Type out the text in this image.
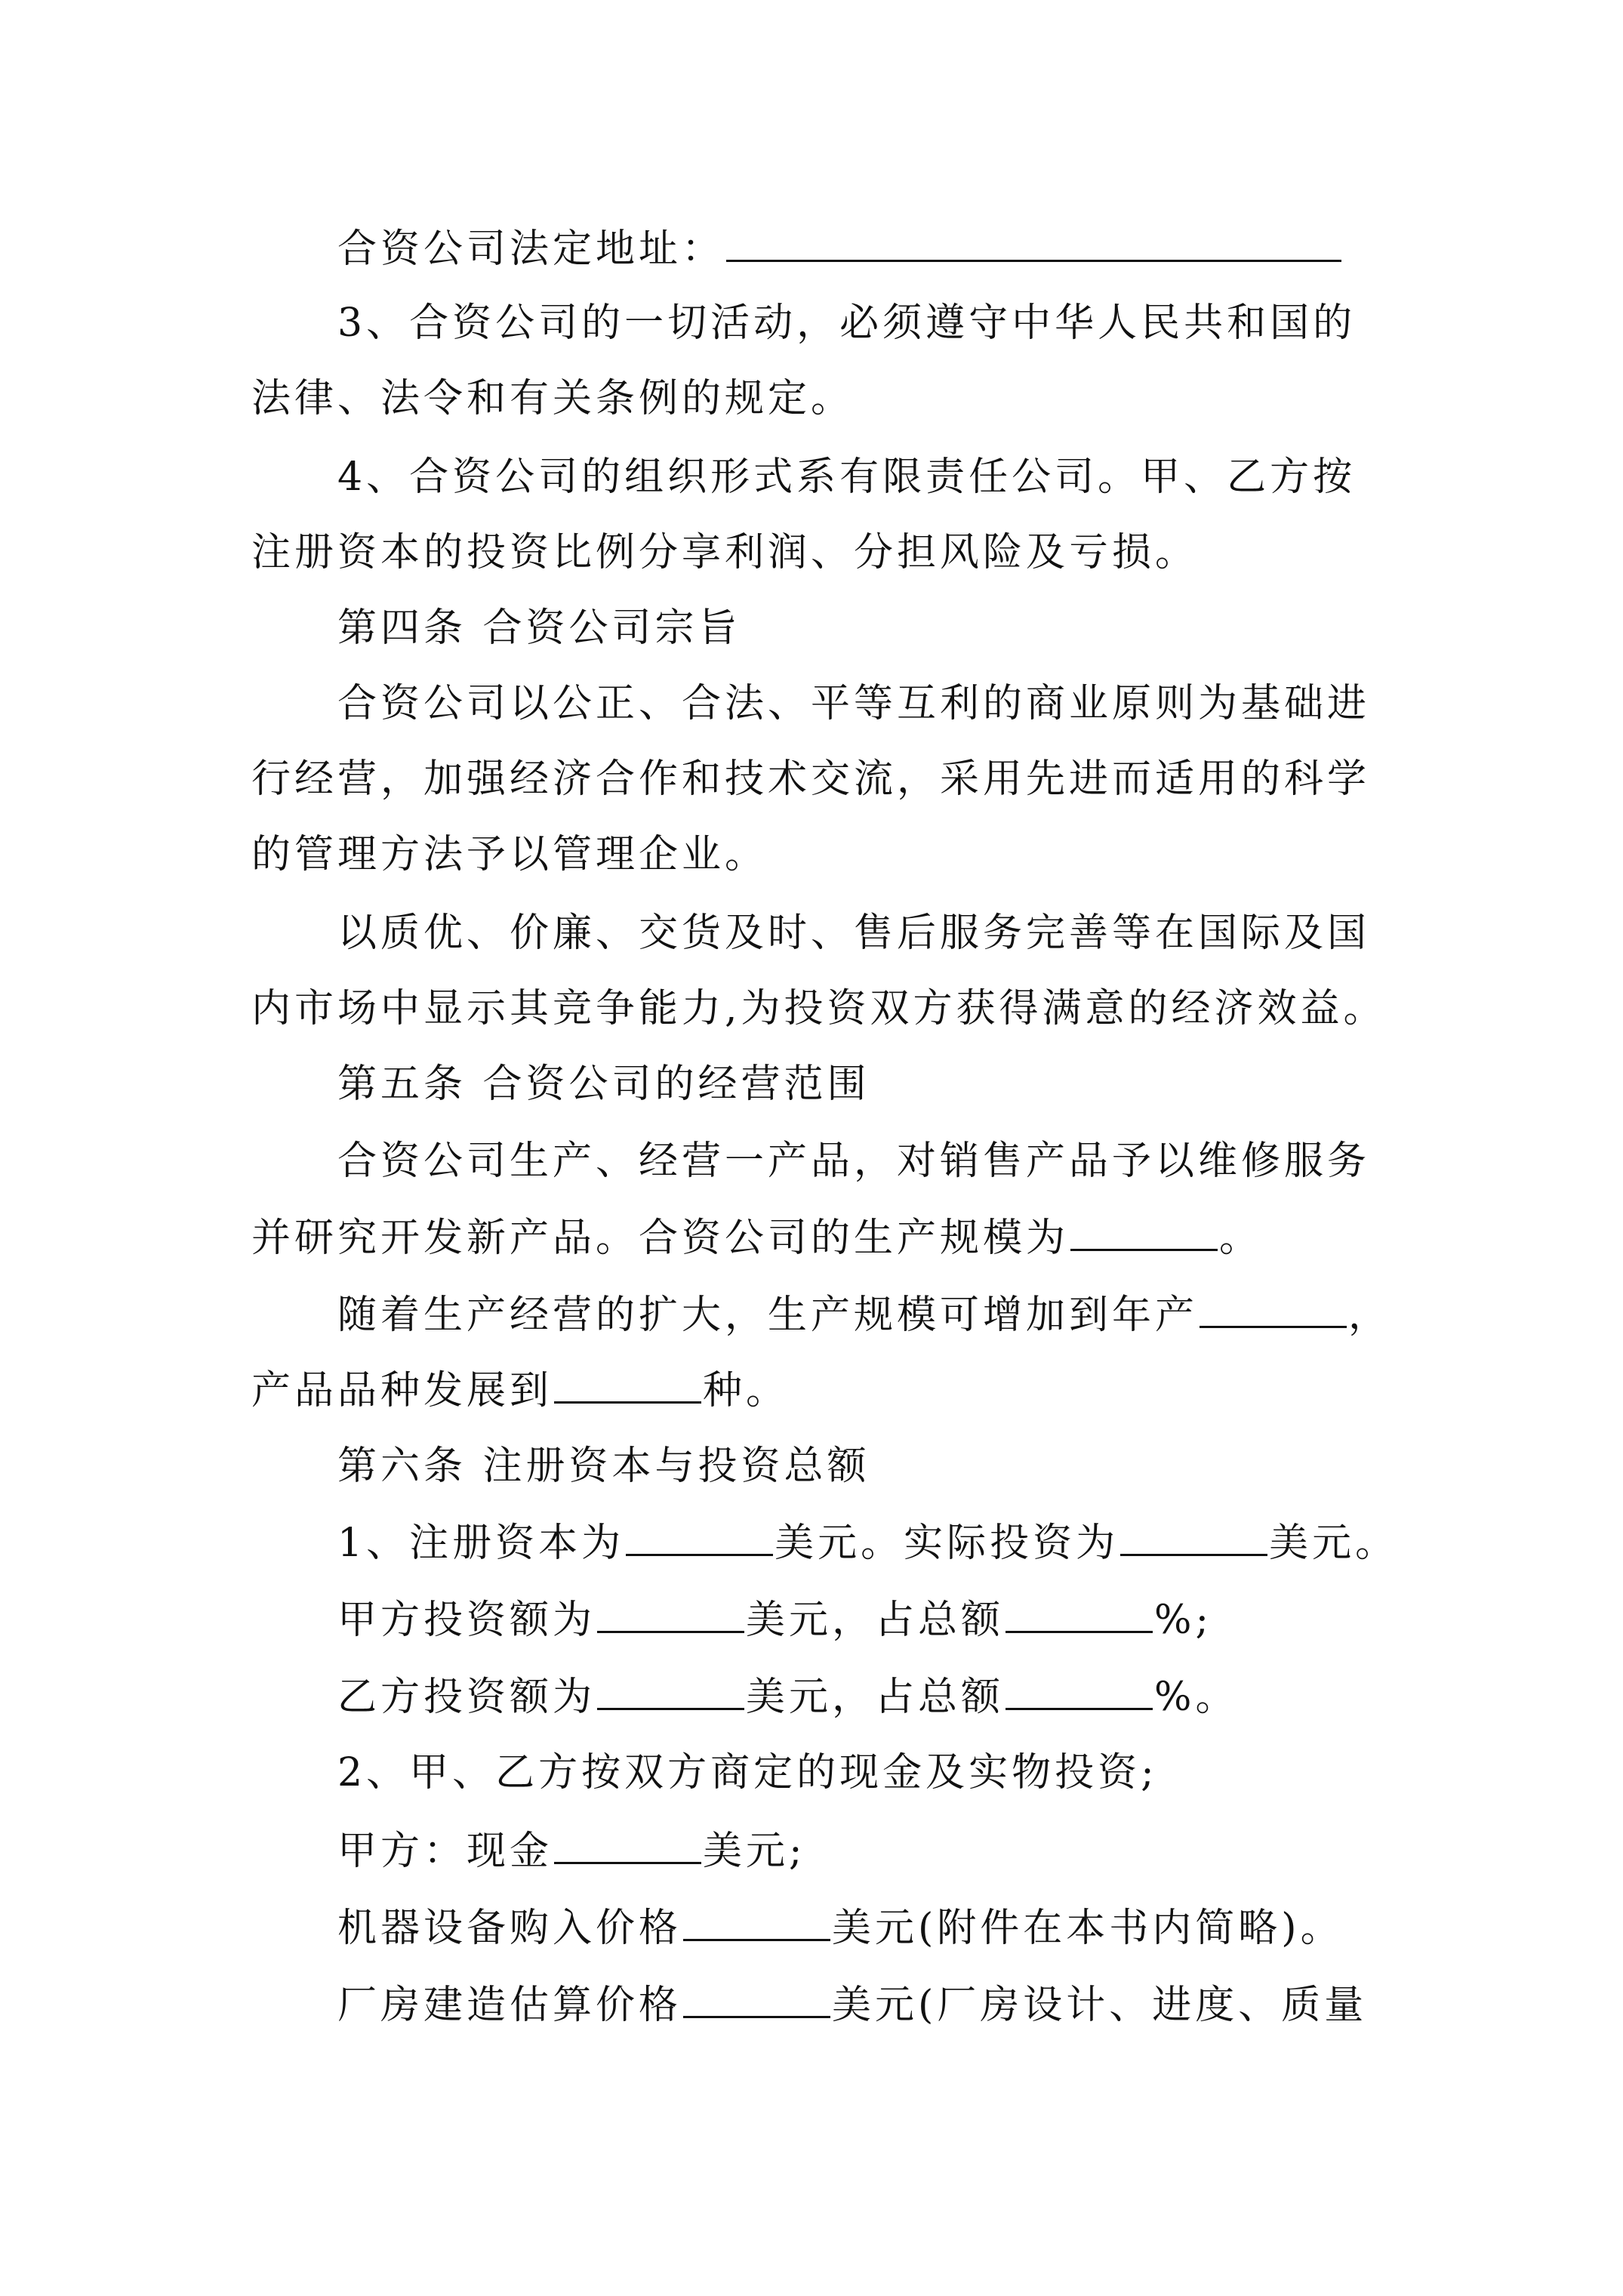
合资公司法定地址：
3、合资公司的一切活动，必须遵守中华人民共和国的
法律、法令和有关条例的规定。
4、合资公司的组织形式系有限责任公司。甲、乙方按
注册资本的投资比例分享利润、分担风险及亏损。
第四条 合资公司宗旨
合资公司以公正、合法、平等互利的商业原则为基础进
行经营，加强经济合作和技术交流，采用先进而适用的科学
的管理方法予以管理企业。
以质优、价廉、交货及时、售后服务完善等在国际及国
内市场中显示其竞争能力,为投资双方获得满意的经济效益。
第五条 合资公司的经营范围
合资公司生产、经营一产品，对销售产品予以维修服务
并研究开发新产品。合资公司的生产规模为	。
随着生产经营的扩大，生产规模可增加到年产	，
产品品种发展到	种。
第六条 注册资本与投资总额
1、注册资本为	美元。实际投资为	美元。
甲方投资额为	美元，占总额	%;
乙方投资额为	美元，占总额	%。
2、甲、乙方按双方商定的现金及实物投资;
甲方：现金	美元;
机器设备购入价格	美元(附件在本书内简略)。
厂房建造估算价格	美元(厂房设计、进度、质量
